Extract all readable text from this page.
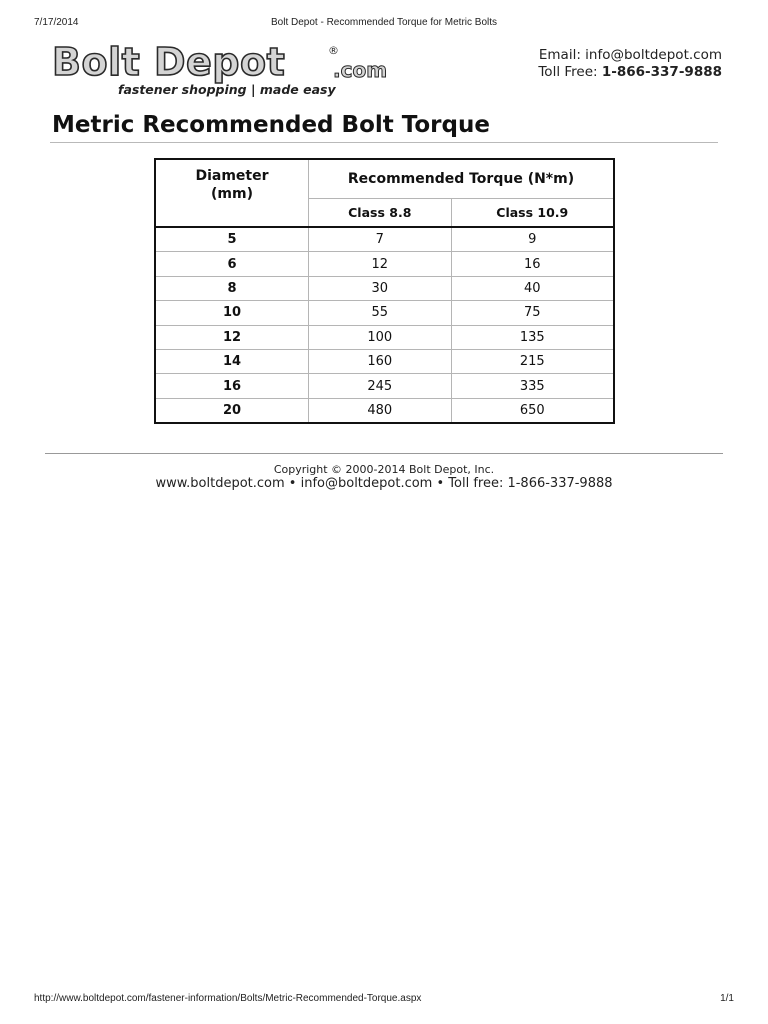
7/17/2014	Bolt Depot - Recommended Torque for Metric Bolts
Bolt Depot	®
.com
fastener shopping | made easy
Email: info@boltdepot.com
Toll Free: 1-866-337-9888
Metric Recommended Bolt Torque
Diameter
(mm)	Recommended Torque (N*m)	
	Class 8.8	Class 10.9
5	7	9
6	12	16
8	30	40
10	55	75
12	100	135
14	160	215
16	245	335
20	480	650
Copyright © 2000-2014 Bolt Depot, Inc.
www.boltdepot.com • info@boltdepot.com • Toll free: 1-866-337-9888
http://www.boltdepot.com/fastener-information/Bolts/Metric-Recommended-Torque.aspx	1/1
